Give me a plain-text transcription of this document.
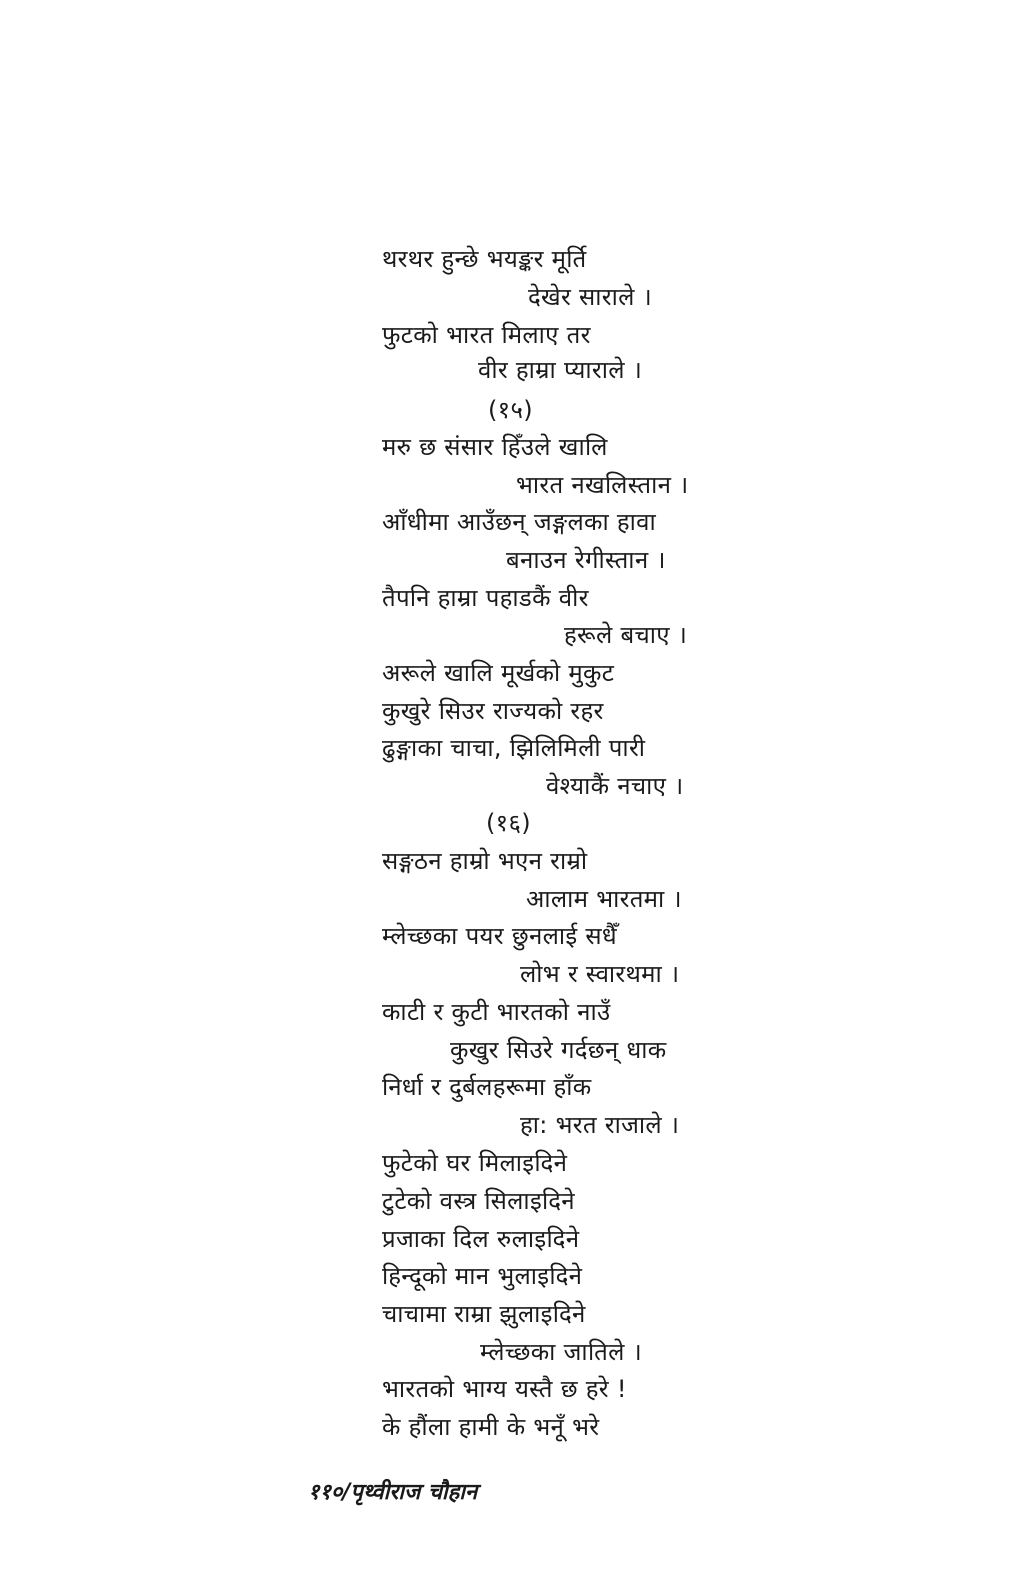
थरथर हुन्छे भयङ्कर मूर्ति
देखेर साराले ।
फुटको भारत मिलाए तर
वीर हाम्रा प्याराले ।
(१५)
मरु छ संसार हिँउले खालि
भारत नखलिस्तान ।
आँधीमा आउँछन् जङ्गलका हावा
बनाउन रेगीस्तान ।
तैपनि हाम्रा पहाडकैं वीर
हरूले बचाए ।
अरूले खालि मूर्खको मुकुट
कुखुरे सिउर राज्यको रहर
ढुङ्गाका चाचा, झिलिमिली पारी
वेश्याकैं नचाए ।
(१६)
सङ्गठन हाम्रो भएन राम्रो
आलाम भारतमा ।
म्लेच्छका पयर छुनलाई सधैँ
लोभ र स्वारथमा ।
काटी र कुटी भारतको नाउँ
कुखुर सिउरे गर्दछन् धाक
निर्धा र दुर्बलहरूमा हाँक
हा: भरत राजाले ।
फुटेको घर मिलाइदिने
टुटेको वस्त्र सिलाइदिने
प्रजाका दिल रुलाइदिने
हिन्दूको मान भुलाइदिने
चाचामा राम्रा झुलाइदिने
म्लेच्छका जातिले ।
भारतको भाग्य यस्तै छ हरे !
के हौंला हामी के भनूँ भरे
११०/पृथ्वीराज चौहान
